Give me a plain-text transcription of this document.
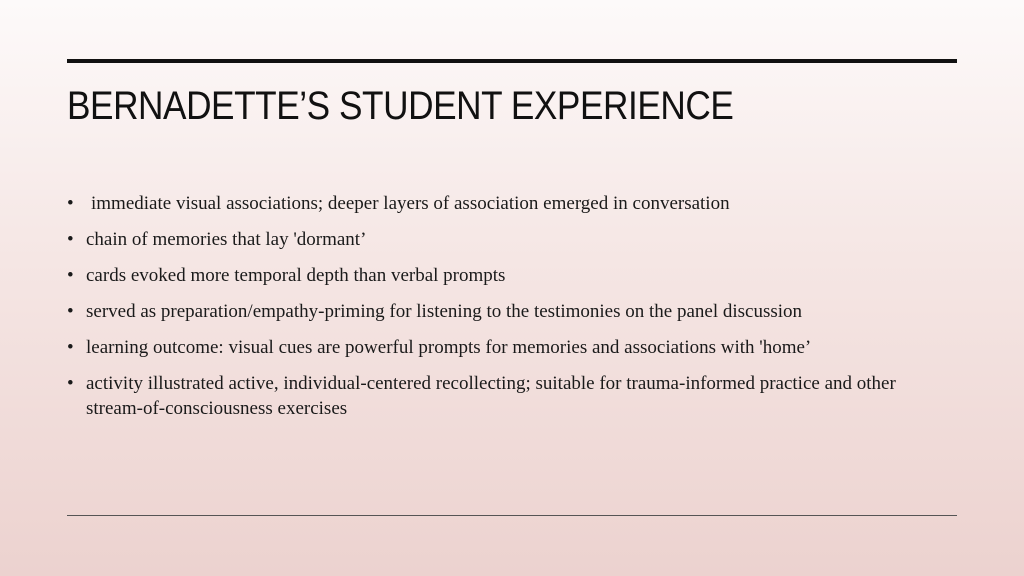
BERNADETTE’S STUDENT EXPERIENCE
• immediate visual associations; deeper layers of association emerged in conversation
• chain of memories that lay 'dormant’
• cards evoked more temporal depth than verbal prompts
• served as preparation/empathy-priming for listening to the testimonies on the panel discussion
• learning outcome: visual cues are powerful prompts for memories and associations with 'home’
• activity illustrated active, individual-centered recollecting; suitable for trauma-informed practice and other stream-of-consciousness exercises
